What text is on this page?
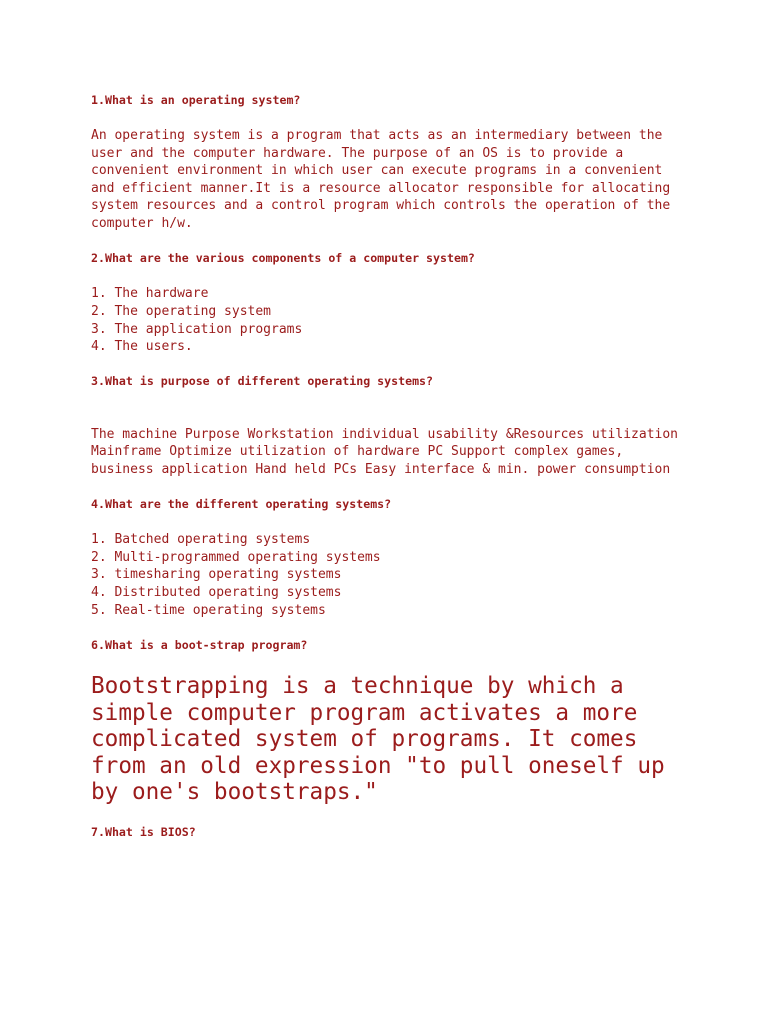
1.What is an operating system?

An operating system is a program that acts as an intermediary between the user and the computer hardware. The purpose of an OS is to provide a convenient environment in which user can execute programs in a convenient and efficient manner.It is a resource allocator responsible for allocating system resources and a control program which controls the operation of the computer h/w.

2.What are the various components of a computer system?

1. The hardware
2. The operating system
3. The application programs
4. The users.

3.What is purpose of different operating systems?

The machine Purpose Workstation individual usability &Resources utilization Mainframe Optimize utilization of hardware PC Support complex games, business application Hand held PCs Easy interface & min. power consumption

4.What are the different operating systems?

1. Batched operating systems
2. Multi-programmed operating systems
3. timesharing operating systems
4. Distributed operating systems
5. Real-time operating systems

6.What is a boot-strap program?

Bootstrapping is a technique by which a simple computer program activates a more complicated system of programs. It comes from an old expression "to pull oneself up by one's bootstraps."

7.What is BIOS?
